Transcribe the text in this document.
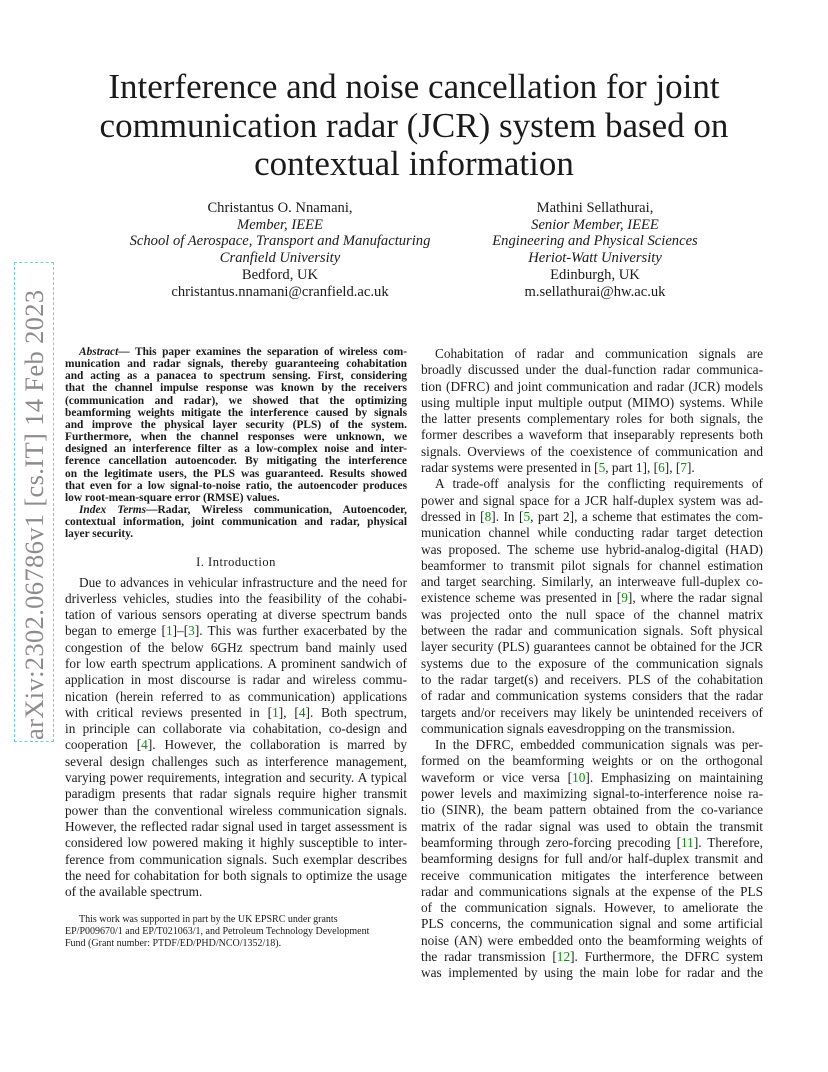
arXiv:2302.06786v1 [cs.IT] 14 Feb 2023
Interference and noise cancellation for joint
communication radar (JCR) system based on
contextual information
Christantus O. Nnamani,
Member, IEEE
School of Aerospace, Transport and Manufacturing
Cranfield University
Bedford, UK
christantus.nnamani@cranfield.ac.uk
Mathini Sellathurai,
Senior Member, IEEE
Engineering and Physical Sciences
Heriot-Watt University
Edinburgh, UK
m.sellathurai@hw.ac.uk
Abstract— This paper examines the separation of wireless com-
munication and radar signals, thereby guaranteeing cohabitation
and acting as a panacea to spectrum sensing. First, considering
that the channel impulse response was known by the receivers
(communication and radar), we showed that the optimizing
beamforming weights mitigate the interference caused by signals
and improve the physical layer security (PLS) of the system.
Furthermore, when the channel responses were unknown, we
designed an interference filter as a low-complex noise and inter-
ference cancellation autoencoder. By mitigating the interference
on the legitimate users, the PLS was guaranteed. Results showed
that even for a low signal-to-noise ratio, the autoencoder produces
low root-mean-square error (RMSE) values.
Index Terms—Radar, Wireless communication, Autoencoder,
contextual information, joint communication and radar, physical
layer security.
I. Introduction
Due to advances in vehicular infrastructure and the need for
driverless vehicles, studies into the feasibility of the cohabi-
tation of various sensors operating at diverse spectrum bands
began to emerge [1]–[3]. This was further exacerbated by the
congestion of the below 6GHz spectrum band mainly used
for low earth spectrum applications. A prominent sandwich of
application in most discourse is radar and wireless commu-
nication (herein referred to as communication) applications
with critical reviews presented in [1], [4]. Both spectrum,
in principle can collaborate via cohabitation, co-design and
cooperation [4]. However, the collaboration is marred by
several design challenges such as interference management,
varying power requirements, integration and security. A typical
paradigm presents that radar signals require higher transmit
power than the conventional wireless communication signals.
However, the reflected radar signal used in target assessment is
considered low powered making it highly susceptible to inter-
ference from communication signals. Such exemplar describes
the need for cohabitation for both signals to optimize the usage
of the available spectrum.
This work was supported in part by the UK EPSRC under grants
EP/P009670/1 and EP/T021063/1, and Petroleum Technology Development
Fund (Grant number: PTDF/ED/PHD/NCO/1352/18).
Cohabitation of radar and communication signals are
broadly discussed under the dual-function radar communica-
tion (DFRC) and joint communication and radar (JCR) models
using multiple input multiple output (MIMO) systems. While
the latter presents complementary roles for both signals, the
former describes a waveform that inseparably represents both
signals. Overviews of the coexistence of communication and
radar systems were presented in [5, part 1], [6], [7].
A trade-off analysis for the conflicting requirements of
power and signal space for a JCR half-duplex system was ad-
dressed in [8]. In [5, part 2], a scheme that estimates the com-
munication channel while conducting radar target detection
was proposed. The scheme use hybrid-analog-digital (HAD)
beamformer to transmit pilot signals for channel estimation
and target searching. Similarly, an interweave full-duplex co-
existence scheme was presented in [9], where the radar signal
was projected onto the null space of the channel matrix
between the radar and communication signals. Soft physical
layer security (PLS) guarantees cannot be obtained for the JCR
systems due to the exposure of the communication signals
to the radar target(s) and receivers. PLS of the cohabitation
of radar and communication systems considers that the radar
targets and/or receivers may likely be unintended receivers of
communication signals eavesdropping on the transmission.
In the DFRC, embedded communication signals was per-
formed on the beamforming weights or on the orthogonal
waveform or vice versa [10]. Emphasizing on maintaining
power levels and maximizing signal-to-interference noise ra-
tio (SINR), the beam pattern obtained from the co-variance
matrix of the radar signal was used to obtain the transmit
beamforming through zero-forcing precoding [11]. Therefore,
beamforming designs for full and/or half-duplex transmit and
receive communication mitigates the interference between
radar and communications signals at the expense of the PLS
of the communication signals. However, to ameliorate the
PLS concerns, the communication signal and some artificial
noise (AN) were embedded onto the beamforming weights of
the radar transmission [12]. Furthermore, the DFRC system
was implemented by using the main lobe for radar and the
